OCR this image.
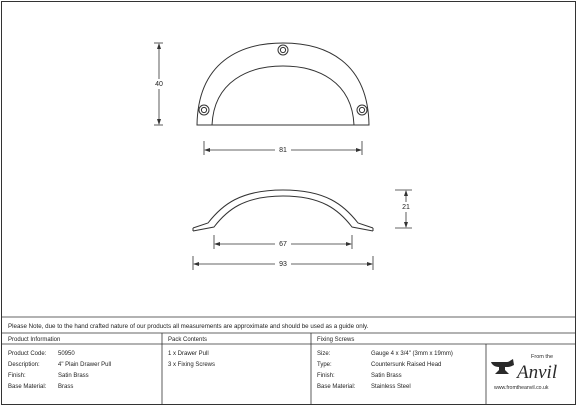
40
81
21
67
93
Please Note, due to the hand crafted nature of our products all measurements are approximate and should be used as a guide only.
Product Information	Pack Contents	Fixing Screws
Product Code: 50950
Description:	4" Plain Drawer Pull
Finish:	Satin Brass
Base Material: Brass
1 x Drawer Pull
3 x Fixing Screws
Size:	Gauge 4 x 3/4" (3mm x 19mm)
Type:	Countersunk Raised Head
Finish:	Satin Brass
Base Material:	Stainless Steel
From the
Anvil
www.fromtheanvil.co.uk
